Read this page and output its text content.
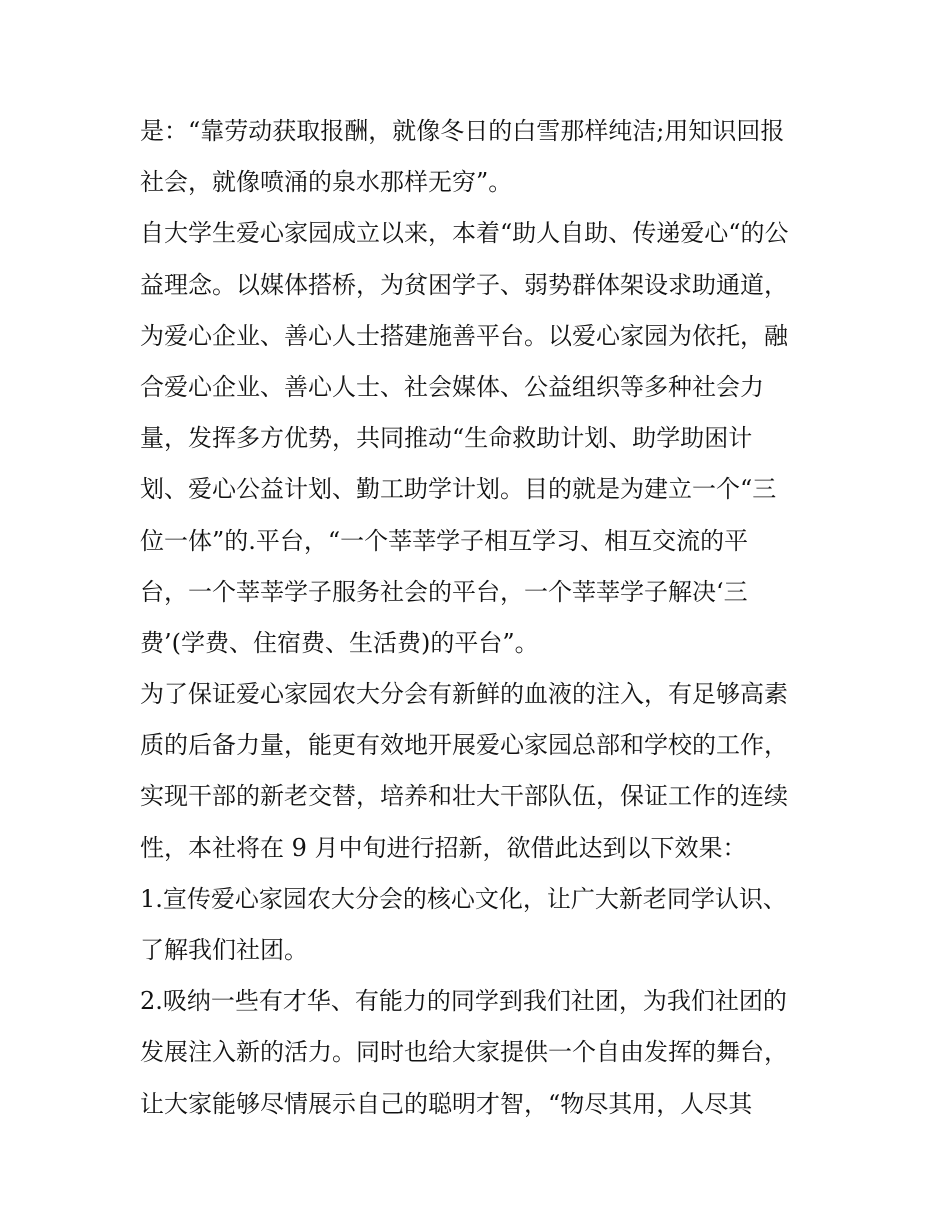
是：“靠劳动获取报酬，就像冬日的白雪那样纯洁;用知识回报
社会，就像喷涌的泉水那样无穷”。
自大学生爱心家园成立以来，本着“助人自助、传递爱心“的公
益理念。以媒体搭桥，为贫困学子、弱势群体架设求助通道，
为爱心企业、善心人士搭建施善平台。以爱心家园为依托，融
合爱心企业、善心人士、社会媒体、公益组织等多种社会力
量，发挥多方优势，共同推动“生命救助计划、助学助困计
划、爱心公益计划、勤工助学计划。目的就是为建立一个“三
位一体”的.平台，“一个莘莘学子相互学习、相互交流的平
台，一个莘莘学子服务社会的平台，一个莘莘学子解决‘三
费’(学费、住宿费、生活费)的平台”。
为了保证爱心家园农大分会有新鲜的血液的注入，有足够高素
质的后备力量，能更有效地开展爱心家园总部和学校的工作，
实现干部的新老交替，培养和壮大干部队伍，保证工作的连续
性，本社将在 9 月中旬进行招新，欲借此达到以下效果：
1.宣传爱心家园农大分会的核心文化，让广大新老同学认识、
了解我们社团。
2.吸纳一些有才华、有能力的同学到我们社团，为我们社团的
发展注入新的活力。同时也给大家提供一个自由发挥的舞台，
让大家能够尽情展示自己的聪明才智，“物尽其用，人尽其
